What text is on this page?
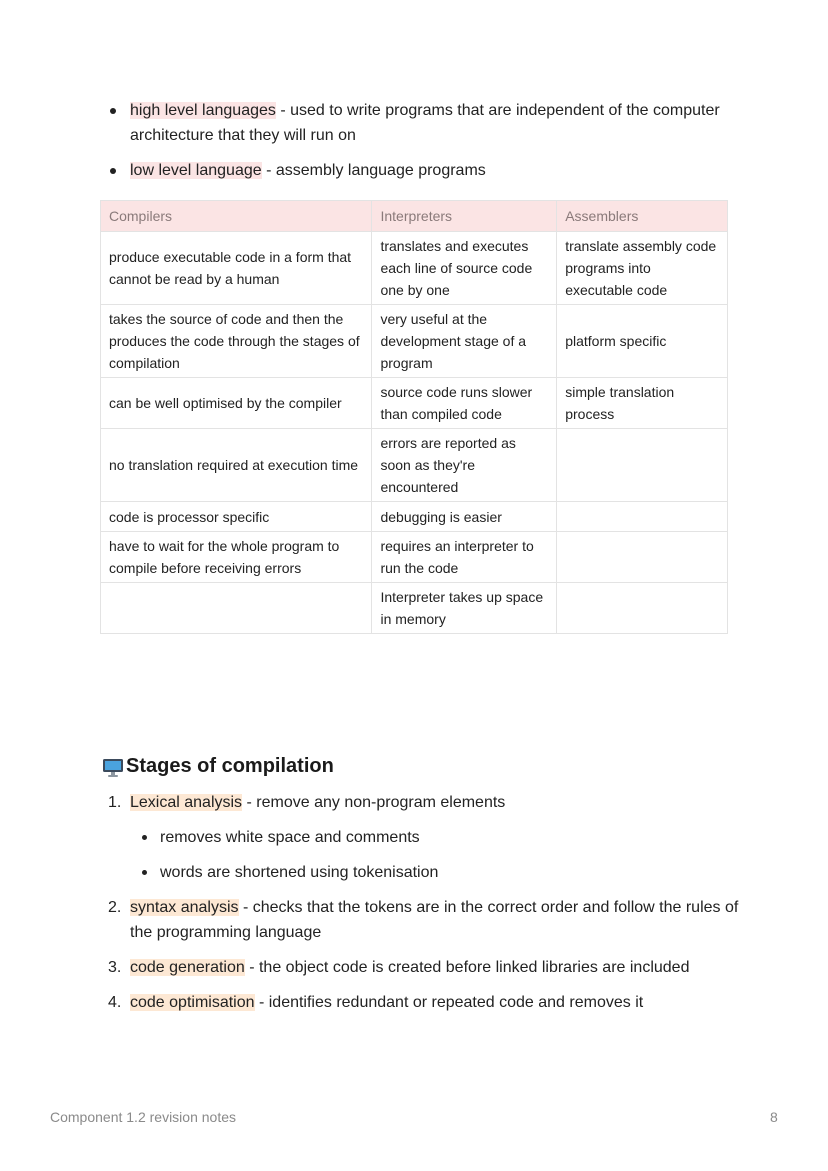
high level languages - used to write programs that are independent of the computer architecture that they will run on
low level language - assembly language programs
Compilers	Interpreters	Assemblers
produce executable code in a form that cannot be read by a human	translates and executes each line of source code one by one	translate assembly code programs into executable code
takes the source of code and then the produces the code through the stages of compilation	very useful at the development stage of a program	platform specific
can be well optimised by the compiler	source code runs slower than compiled code	simple translation process
no translation required at execution time	errors are reported as soon as they're encountered	
code is processor specific	debugging is easier	
have to wait for the whole program to compile before receiving errors	requires an interpreter to run the code	
	Interpreter takes up space in memory	
Stages of compilation
1. Lexical analysis - remove any non-program elements
removes white space and comments
words are shortened using tokenisation
2. syntax analysis - checks that the tokens are in the correct order and follow the rules of the programming language
3. code generation - the object code is created before linked libraries are included
4. code optimisation - identifies redundant or repeated code and removes it
Component 1.2 revision notes	8
